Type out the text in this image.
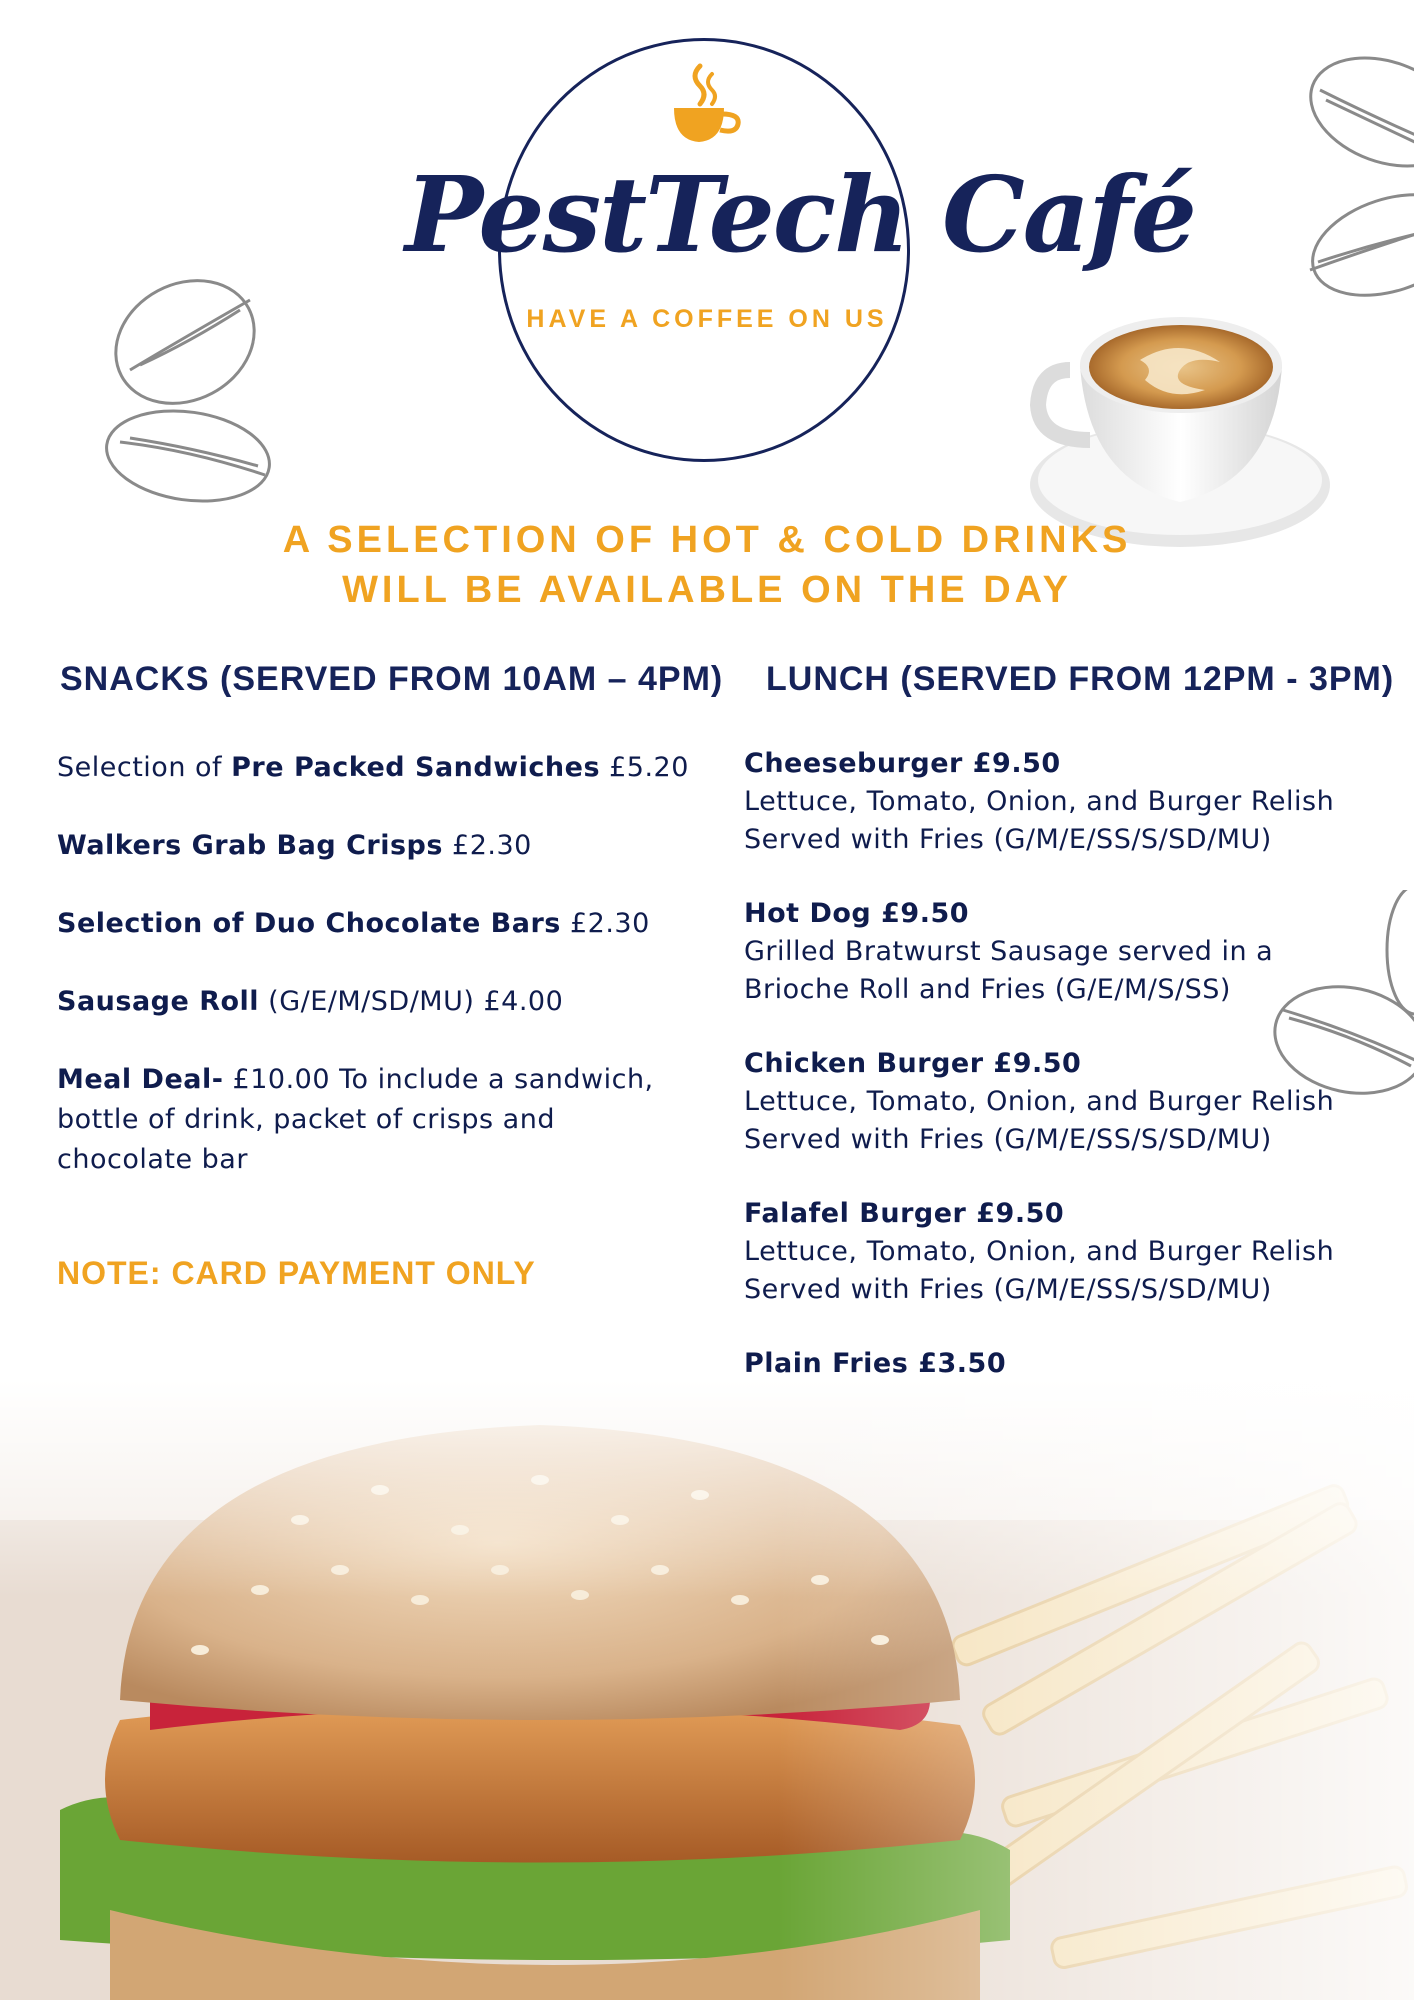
PestTech Café
HAVE A COFFEE ON US
A SELECTION OF HOT & COLD DRINKS
WILL BE AVAILABLE ON THE DAY
SNACKS (SERVED FROM 10AM – 4PM)
Selection of Pre Packed Sandwiches £5.20
Walkers Grab Bag Crisps £2.30
Selection of Duo Chocolate Bars £2.30
Sausage Roll (G/E/M/SD/MU) £4.00
Meal Deal- £10.00 To include a sandwich, bottle of drink, packet of crisps and chocolate bar
NOTE: CARD PAYMENT ONLY
LUNCH (SERVED FROM 12PM - 3PM)
Cheeseburger £9.50
Lettuce, Tomato, Onion, and Burger Relish
Served with Fries (G/M/E/SS/S/SD/MU)
Hot Dog £9.50
Grilled Bratwurst Sausage served in a
Brioche Roll and Fries (G/E/M/S/SS)
Chicken Burger £9.50
Lettuce, Tomato, Onion, and Burger Relish
Served with Fries (G/M/E/SS/S/SD/MU)
Falafel Burger £9.50
Lettuce, Tomato, Onion, and Burger Relish
Served with Fries (G/M/E/SS/S/SD/MU)
Plain Fries £3.50
